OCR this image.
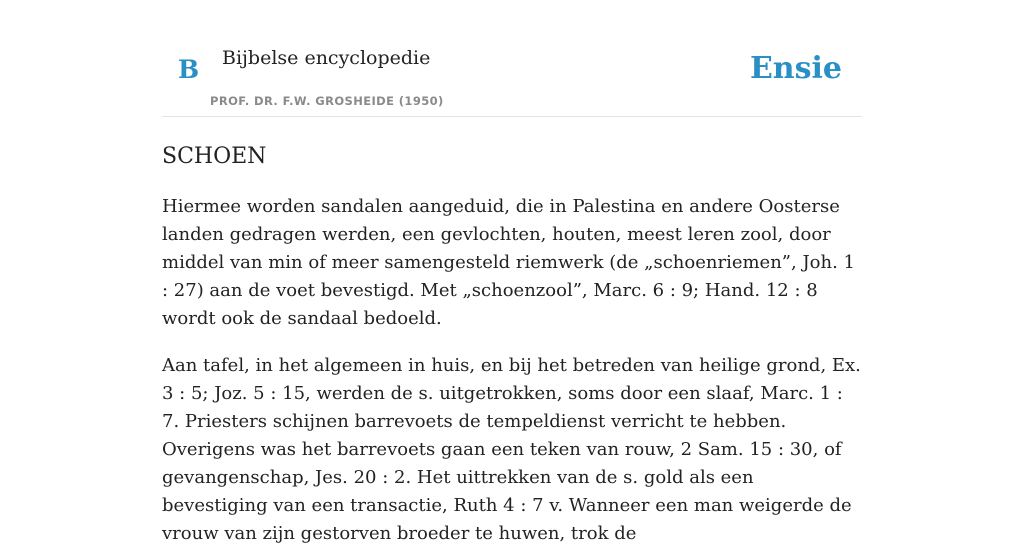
B Bijbelse encyclopedie
PROF. DR. F.W. GROSHEIDE (1950)
Ensie
SCHOEN

Hiermee worden sandalen aangeduid, die in Palestina en andere Oosterse landen gedragen werden, een gevlochten, houten, meest leren zool, door middel van min of meer samengesteld riemwerk (de „schoenriemen”, Joh. 1 : 27) aan de voet bevestigd. Met „schoenzool”, Marc. 6 : 9; Hand. 12 : 8 wordt ook de sandaal bedoeld.

Aan tafel, in het algemeen in huis, en bij het betreden van heilige grond, Ex. 3 : 5; Joz. 5 : 15, werden de s. uitgetrokken, soms door een slaaf, Marc. 1 : 7. Priesters schijnen barrevoets de tempeldienst verricht te hebben. Overigens was het barrevoets gaan een teken van rouw, 2 Sam. 15 : 30, of gevangenschap, Jes. 20 : 2. Het uittrekken van de s. gold als een bevestiging van een transactie, Ruth 4 : 7 v. Wanneer een man weigerde de vrouw van zijn gestorven broeder te huwen, trok de
